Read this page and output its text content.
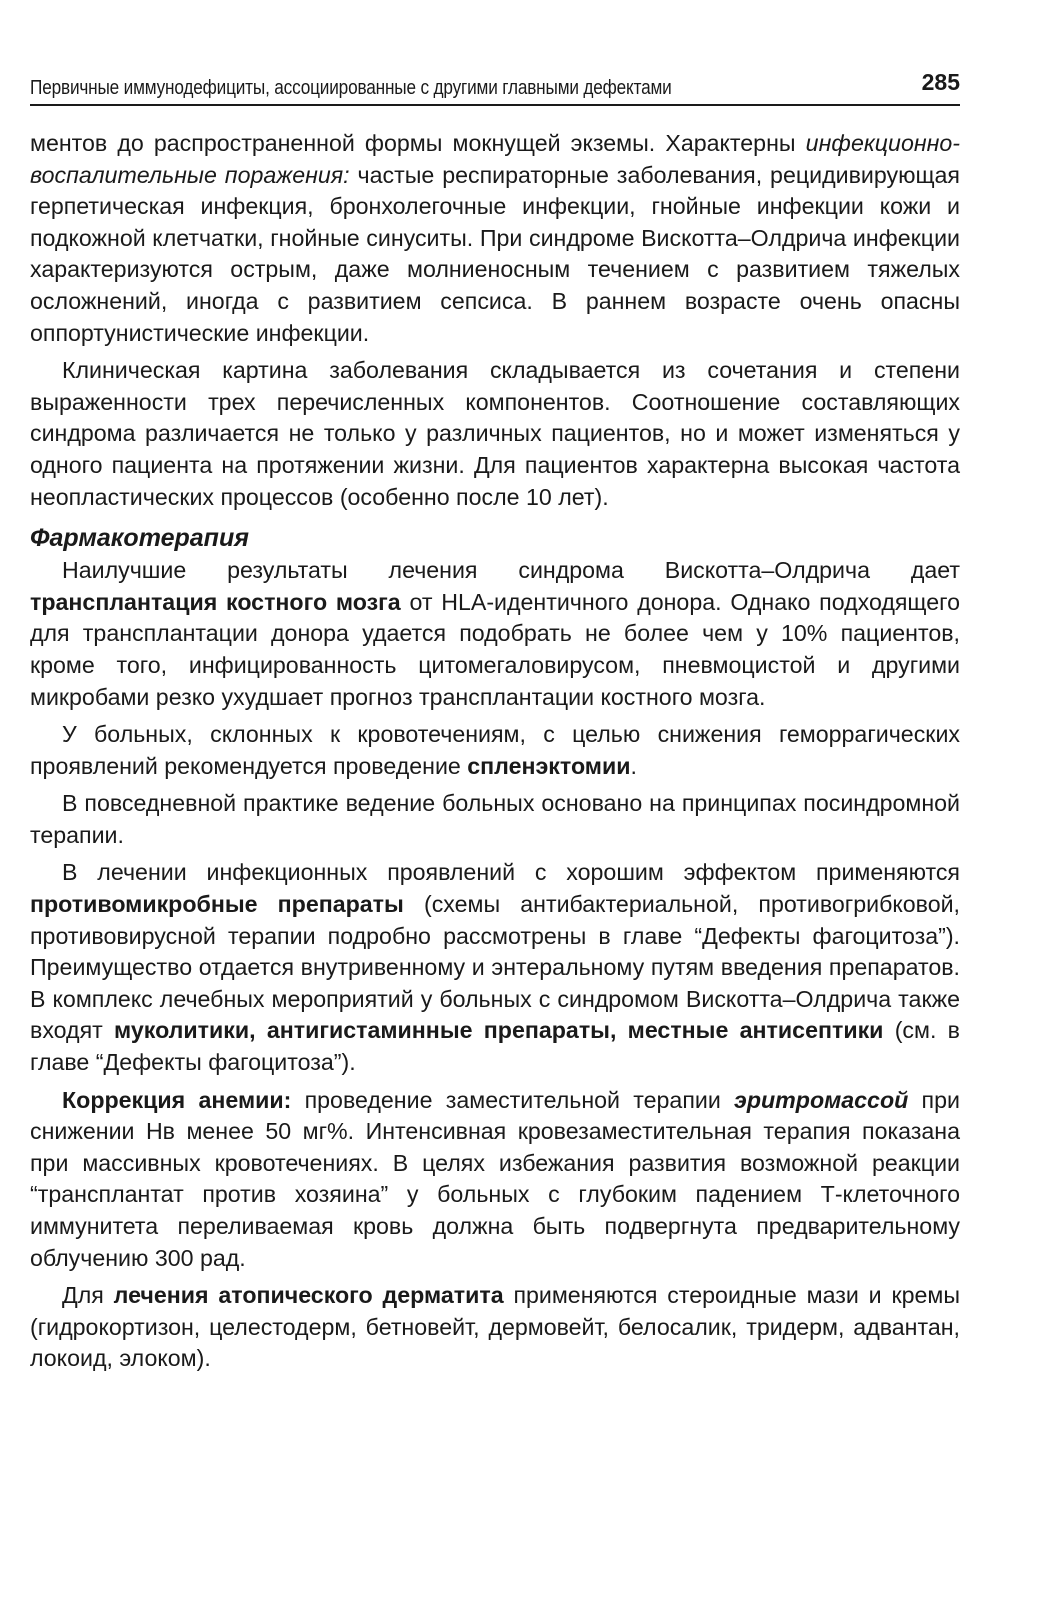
Первичные иммунодефициты, ассоциированные с другими главными дефектами	285

ментов до распространенной формы мокнущей экземы. Характерны инфекционно-воспалительные поражения: частые респираторные заболевания, рецидивирующая герпетическая инфекция, бронхолегочные инфекции, гнойные инфекции кожи и подкожной клетчатки, гнойные синуситы. При синдроме Вискотта–Олдрича инфекции характеризуются острым, даже молниеносным течением с развитием тяжелых осложнений, иногда с развитием сепсиса. В раннем возрасте очень опасны оппортунистические инфекции.

Клиническая картина заболевания складывается из сочетания и степени выраженности трех перечисленных компонентов. Соотношение составляющих синдрома различается не только у различных пациентов, но и может изменяться у одного пациента на протяжении жизни. Для пациентов характерна высокая частота неопластических процессов (особенно после 10 лет).

Фармакотерапия

Наилучшие результаты лечения синдрома Вискотта–Олдрича дает трансплантация костного мозга от HLA-идентичного донора. Однако подходящего для трансплантации донора удается подобрать не более чем у 10% пациентов, кроме того, инфицированность цитомегаловирусом, пневмоцистой и другими микробами резко ухудшает прогноз трансплантации костного мозга.

У больных, склонных к кровотечениям, с целью снижения геморрагических проявлений рекомендуется проведение спленэктомии.

В повседневной практике ведение больных основано на принципах посиндромной терапии.

В лечении инфекционных проявлений с хорошим эффектом применяются противомикробные препараты (схемы антибактериальной, противогрибковой, противовирусной терапии подробно рассмотрены в главе “Дефекты фагоцитоза”). Преимущество отдается внутривенному и энтеральному путям введения препаратов. В комплекс лечебных мероприятий у больных с синдромом Вискотта–Олдрича также входят муколитики, антигистаминные препараты, местные антисептики (см. в главе “Дефекты фагоцитоза”).

Коррекция анемии: проведение заместительной терапии эритромассой при снижении Нв менее 50 мг%. Интенсивная кровезаместительная терапия показана при массивных кровотечениях. В целях избежания развития возможной реакции “трансплантат против хозяина” у больных с глубоким падением Т-клеточного иммунитета переливаемая кровь должна быть подвергнута предварительному облучению 300 рад.

Для лечения атопического дерматита применяются стероидные мази и кремы (гидрокортизон, целестодерм, бетновейт, дермовейт, белосалик, тридерм, адвантан, локоид, элоком).
